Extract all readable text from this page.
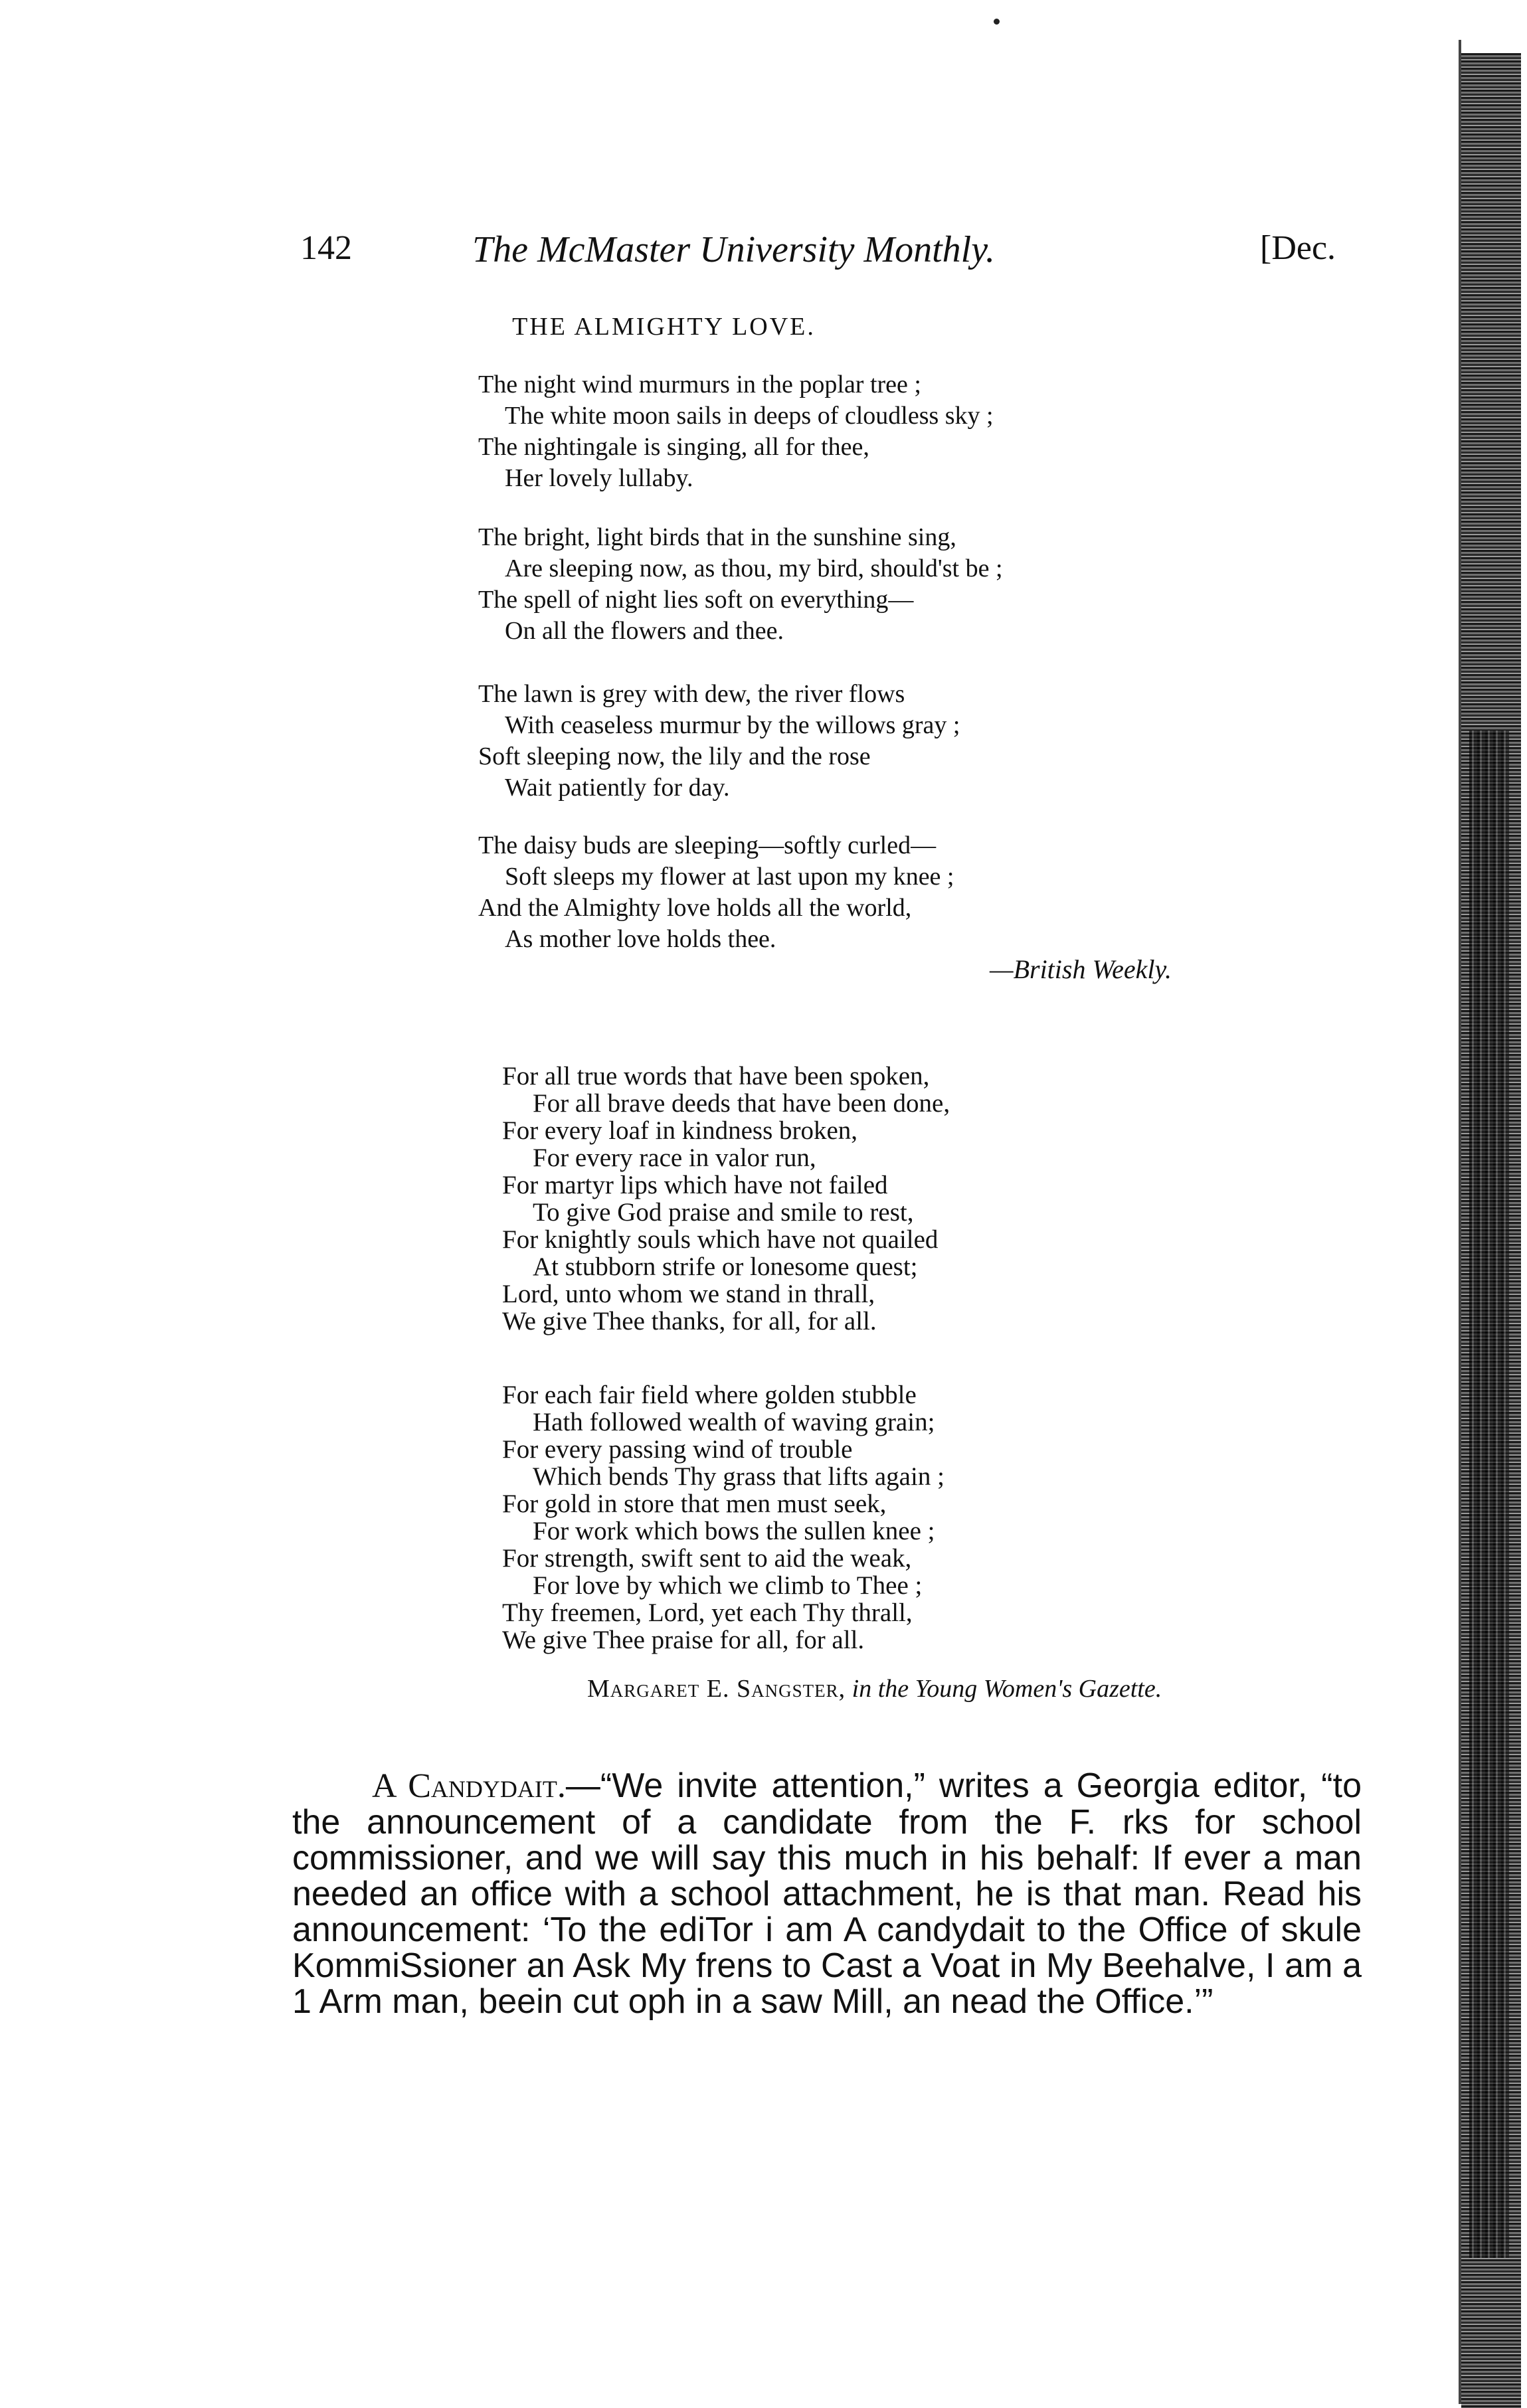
142	The McMaster University Monthly.	[Dec.
THE ALMIGHTY LOVE.
The night wind murmurs in the poplar tree ;
The white moon sails in deeps of cloudless sky ;
The nightingale is singing, all for thee,
Her lovely lullaby.
The bright, light birds that in the sunshine sing,
Are sleeping now, as thou, my bird, should'st be ;
The spell of night lies soft on everything—
On all the flowers and thee.
The lawn is grey with dew, the river flows
With ceaseless murmur by the willows gray ;
Soft sleeping now, the lily and the rose
Wait patiently for day.
The daisy buds are sleeping—softly curled—
Soft sleeps my flower at last upon my knee ;
And the Almighty love holds all the world,
As mother love holds thee.
—British Weekly.
For all true words that have been spoken,
For all brave deeds that have been done,
For every loaf in kindness broken,
For every race in valor run,
For martyr lips which have not failed
To give God praise and smile to rest,
For knightly souls which have not quailed
At stubborn strife or lonesome quest;
Lord, unto whom we stand in thrall,
We give Thee thanks, for all, for all.
For each fair field where golden stubble
Hath followed wealth of waving grain;
For every passing wind of trouble
Which bends Thy grass that lifts again ;
For gold in store that men must seek,
For work which bows the sullen knee ;
For strength, swift sent to aid the weak,
For love by which we climb to Thee ;
Thy freemen, Lord, yet each Thy thrall,
We give Thee praise for all, for all.
Margaret E. Sangster, in the Young Women's Gazette.
A Candydait.—“We invite attention,” writes a Georgia editor, “to the announcement of a candidate from the F. rks for school commissioner, and we will say this much in his behalf: If ever a man needed an office with a school attachment, he is that man. Read his announcement: ‘To the ediTor i am A candydait to the Office of skule KommiSsioner an Ask My frens to Cast a Voat in My Beehalve, I am a 1 Arm man, beein cut oph in a saw Mill, an nead the Office.’”
